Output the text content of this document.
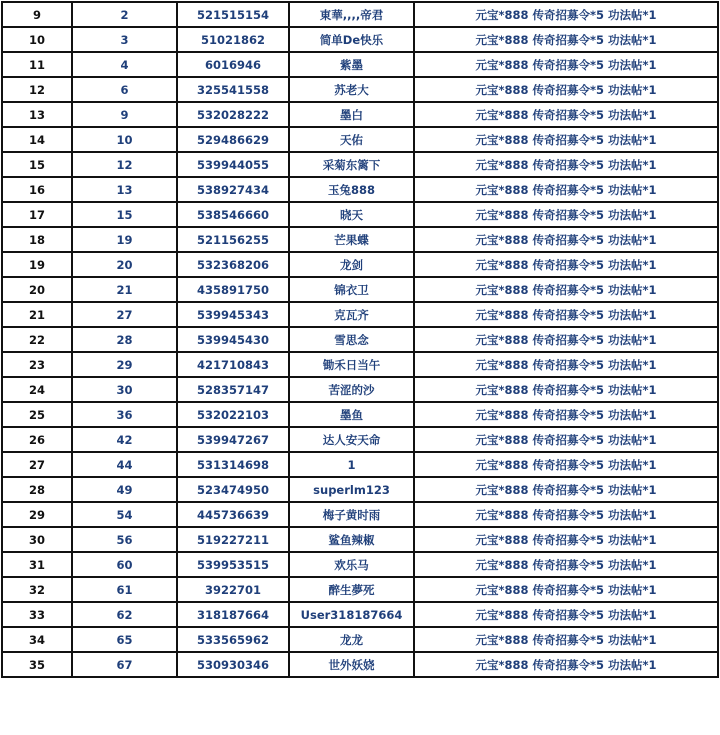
9	2	521515154	東華,,,,帝君	元宝*888 传奇招募令*5 功法帖*1
10	3	51021862	简单De快乐	元宝*888 传奇招募令*5 功法帖*1
11	4	6016946	紫墨	元宝*888 传奇招募令*5 功法帖*1
12	6	325541558	苏老大	元宝*888 传奇招募令*5 功法帖*1
13	9	532028222	墨白	元宝*888 传奇招募令*5 功法帖*1
14	10	529486629	天佑	元宝*888 传奇招募令*5 功法帖*1
15	12	539944055	采菊东篱下	元宝*888 传奇招募令*5 功法帖*1
16	13	538927434	玉兔888	元宝*888 传奇招募令*5 功法帖*1
17	15	538546660	晓天	元宝*888 传奇招募令*5 功法帖*1
18	19	521156255	芒果蝶	元宝*888 传奇招募令*5 功法帖*1
19	20	532368206	龙剑	元宝*888 传奇招募令*5 功法帖*1
20	21	435891750	锦衣卫	元宝*888 传奇招募令*5 功法帖*1
21	27	539945343	克瓦齐	元宝*888 传奇招募令*5 功法帖*1
22	28	539945430	雪思念	元宝*888 传奇招募令*5 功法帖*1
23	29	421710843	锄禾日当午	元宝*888 传奇招募令*5 功法帖*1
24	30	528357147	苦涩的沙	元宝*888 传奇招募令*5 功法帖*1
25	36	532022103	墨鱼	元宝*888 传奇招募令*5 功法帖*1
26	42	539947267	达人安天命	元宝*888 传奇招募令*5 功法帖*1
27	44	531314698	1	元宝*888 传奇招募令*5 功法帖*1
28	49	523474950	superlm123	元宝*888 传奇招募令*5 功法帖*1
29	54	445736639	梅子黄时雨	元宝*888 传奇招募令*5 功法帖*1
30	56	519227211	鲨鱼辣椒	元宝*888 传奇招募令*5 功法帖*1
31	60	539953515	欢乐马	元宝*888 传奇招募令*5 功法帖*1
32	61	3922701	醉生夢死	元宝*888 传奇招募令*5 功法帖*1
33	62	318187664	User318187664	元宝*888 传奇招募令*5 功法帖*1
34	65	533565962	龙龙	元宝*888 传奇招募令*5 功法帖*1
35	67	530930346	世外妖娆	元宝*888 传奇招募令*5 功法帖*1
